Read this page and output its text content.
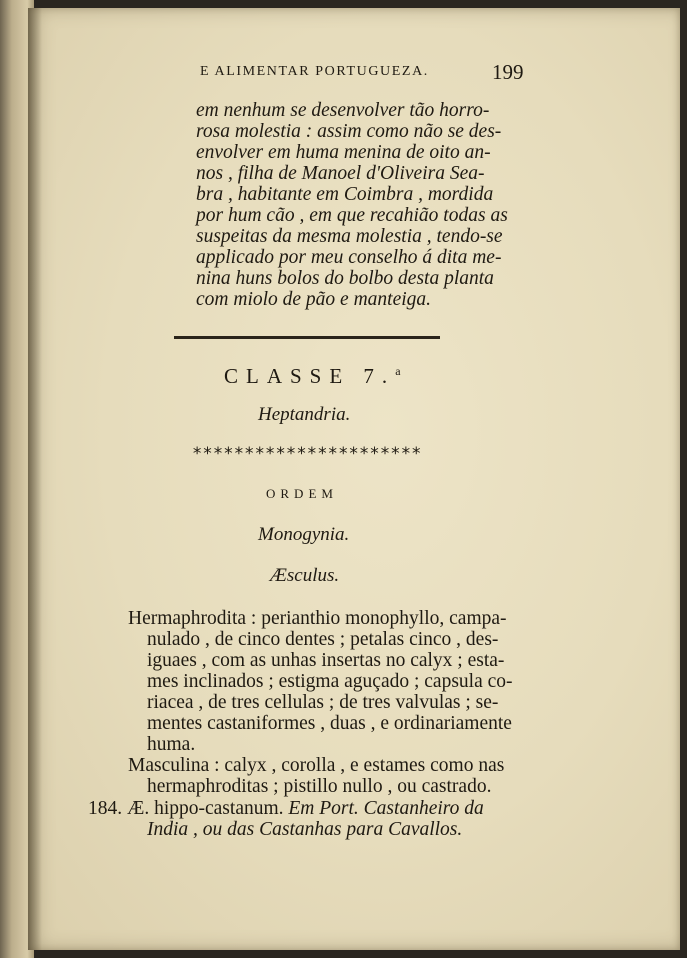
E ALIMENTAR PORTUGUEZA.	199
em nenhum se desenvolver tão horro-
rosa molestia : assim como não se des-
envolver em huma menina de oito an-
nos , filha de Manoel d'Oliveira Sea-
bra , habitante em Coimbra , mordida
por hum cão , em que recahião todas as
suspeitas da mesma molestia , tendo-se
applicado por meu conselho á dita me-
nina huns bolos do bolbo desta planta
com miolo de pão e manteiga.
CLASSE 7.$^a$
Heptandria.
**********************
ORDEM
Monogynia.
Æsculus.
Hermaphrodita : perianthio monophyllo, campa-
nulado , de cinco dentes ; petalas cinco , des-
iguaes , com as unhas insertas no calyx ; esta-
mes inclinados ; estigma aguçado ; capsula co-
riacea , de tres cellulas ; de tres valvulas ; se-
mentes castaniformes , duas , e ordinariamente
huma.
Masculina : calyx , corolla , e estames como nas
hermaphroditas ; pistillo nullo , ou castrado.
184. Æ. hippo-castanum. Em Port. Castanheiro da
India , ou das Castanhas para Cavallos.
